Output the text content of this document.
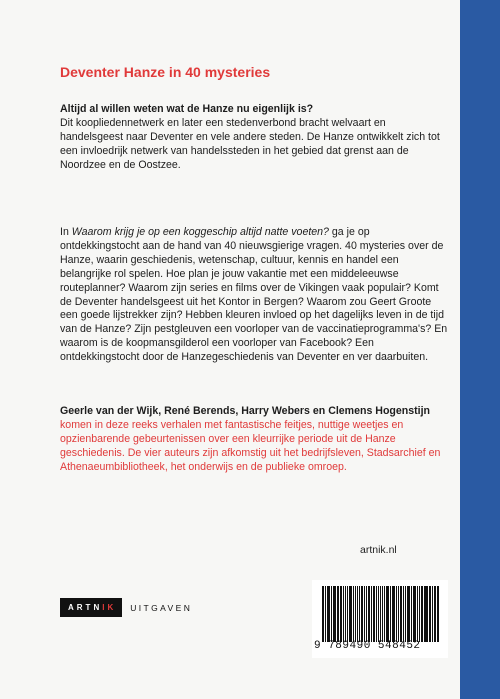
Deventer Hanze in 40 mysteries
Altijd al willen weten wat de Hanze nu eigenlijk is?
Dit koopliedennetwerk en later een stedenverbond bracht welvaart en handelsgeest naar Deventer en vele andere steden. De Hanze ontwikkelt zich tot een invloedrijk netwerk van handelssteden in het gebied dat grenst aan de Noordzee en de Oostzee.
In Waarom krijg je op een koggeschip altijd natte voeten? ga je op ontdekkingstocht aan de hand van 40 nieuwsgierige vragen. 40 mysteries over de Hanze, waarin geschiedenis, wetenschap, cultuur, kennis en handel een belangrijke rol spelen. Hoe plan je jouw vakantie met een middeleeuwse routeplanner? Waarom zijn series en films over de Vikingen vaak populair? Komt de Deventer handelsgeest uit het Kontor in Bergen? Waarom zou Geert Groote een goede lijstrekker zijn? Hebben kleuren invloed op het dagelijks leven in de tijd van de Hanze? Zijn pestgleuven een voorloper van de vaccinatieprogramma's? En waarom is de koopmansgilderol een voorloper van Facebook? Een ontdekkingstocht door de Hanzegeschiedenis van Deventer en ver daarbuiten.
Geerle van der Wijk, René Berends, Harry Webers en Clemens Hogenstijn komen in deze reeks verhalen met fantastische feitjes, nuttige weetjes en opzienbarende gebeurtenissen over een kleurrijke periode uit de Hanze geschiedenis. De vier auteurs zijn afkomstig uit het bedrijfsleven, Stadsarchief en Athenaeumbibliotheek, het onderwijs en de publieke omroep.
artnik.nl
ARTN IK UITGAVEN
9 789490 548452
